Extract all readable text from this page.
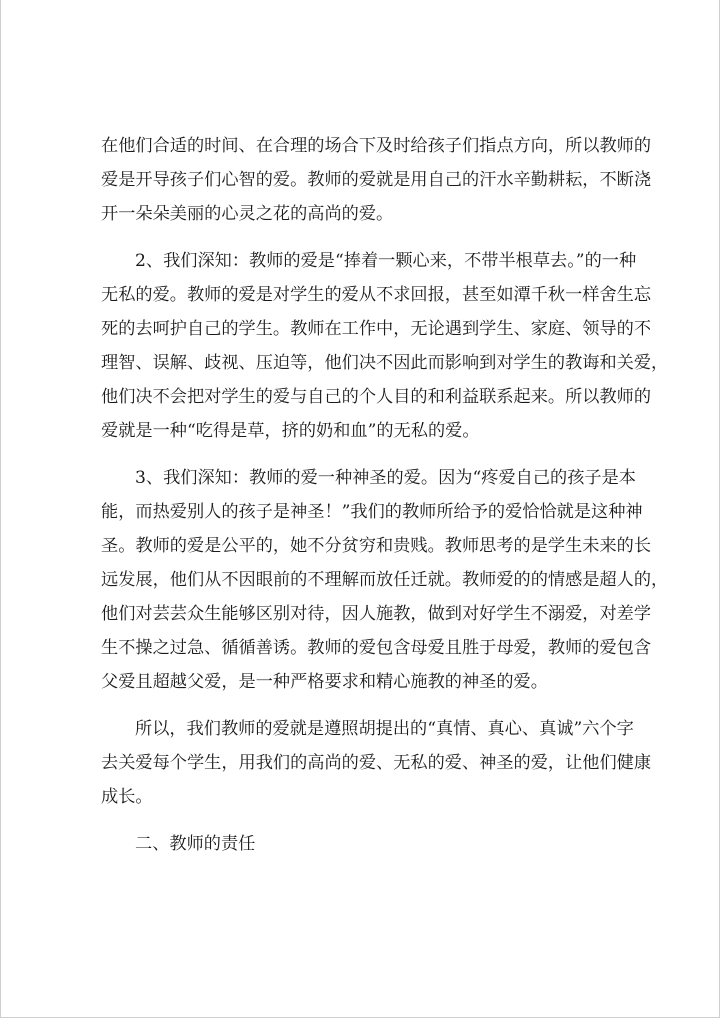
在他们合适的时间、在合理的场合下及时给孩子们指点方向，所以教师的
爱是开导孩子们心智的爱。教师的爱就是用自己的汗水辛勤耕耘，不断浇
开一朵朵美丽的心灵之花的高尚的爱。

2、我们深知：教师的爱是“捧着一颗心来，不带半根草去。”的一种
无私的爱。教师的爱是对学生的爱从不求回报，甚至如潭千秋一样舍生忘
死的去呵护自己的学生。教师在工作中，无论遇到学生、家庭、领导的不
理智、误解、歧视、压迫等，他们决不因此而影响到对学生的教诲和关爱，
他们决不会把对学生的爱与自己的个人目的和利益联系起来。所以教师的
爱就是一种“吃得是草，挤的奶和血”的无私的爱。

3、我们深知：教师的爱一种神圣的爱。因为“疼爱自己的孩子是本
能，而热爱别人的孩子是神圣！”我们的教师所给予的爱恰恰就是这种神
圣。教师的爱是公平的，她不分贫穷和贵贱。教师思考的是学生未来的长
远发展，他们从不因眼前的不理解而放任迁就。教师爱的的情感是超人的，
他们对芸芸众生能够区别对待，因人施教，做到对好学生不溺爱，对差学
生不操之过急、循循善诱。教师的爱包含母爱且胜于母爱，教师的爱包含
父爱且超越父爱，是一种严格要求和精心施教的神圣的爱。

所以，我们教师的爱就是遵照胡提出的“真情、真心、真诚”六个字
去关爱每个学生，用我们的高尚的爱、无私的爱、神圣的爱，让他们健康
成长。

二、教师的责任
